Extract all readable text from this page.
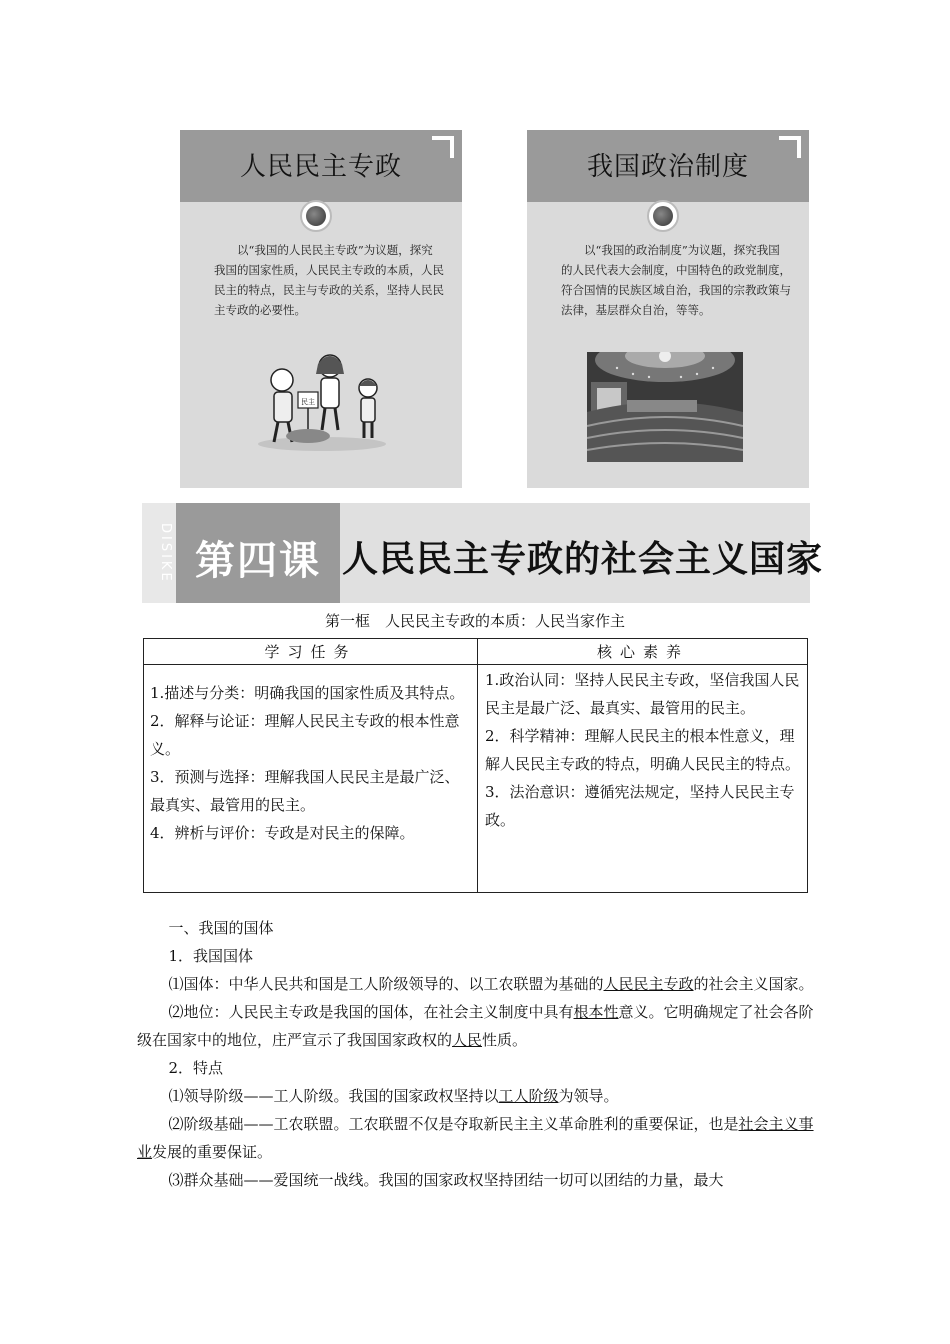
人民民主专政
以“我国的人民民主专政”为议题，探究我国的国家性质，人民民主专政的本质，人民民主的特点，民主与专政的关系，坚持人民民主专政的必要性。
民主
我国政治制度
以“我国的政治制度”为议题，探究我国的人民代表大会制度，中国特色的政党制度，符合国情的民族区域自治，我国的宗教政策与法律，基层群众自治，等等。
DISIKE 第四课 人民民主专政的社会主义国家
第一框　人民民主专政的本质：人民当家作主
学习任务	核心素养
1.描述与分类：明确我国的国家性质及其特点。
2．解释与论证：理解人民民主专政的根本性意义。
3．预测与选择：理解我国人民民主是最广泛、最真实、最管用的民主。
4．辨析与评价：专政是对民主的保障。
1.政治认同：坚持人民民主专政，坚信我国人民民主是最广泛、最真实、最管用的民主。
2．科学精神：理解人民民主的根本性意义，理解人民民主专政的特点，明确人民民主的特点。
3．法治意识：遵循宪法规定，坚持人民民主专政。

一、我国的国体

1．我国国体

⑴国体：中华人民共和国是工人阶级领导的、以工农联盟为基础的人民民主专政的社会主义国家。

⑵地位：人民民主专政是我国的国体，在社会主义制度中具有根本性意义。它明确规定了社会各阶级在国家中的地位，庄严宣示了我国国家政权的人民性质。

2．特点

⑴领导阶级——工人阶级。我国的国家政权坚持以工人阶级为领导。

⑵阶级基础——工农联盟。工农联盟不仅是夺取新民主主义革命胜利的重要保证，也是社会主义事业发展的重要保证。

⑶群众基础——爱国统一战线。我国的国家政权坚持团结一切可以团结的力量，最大
